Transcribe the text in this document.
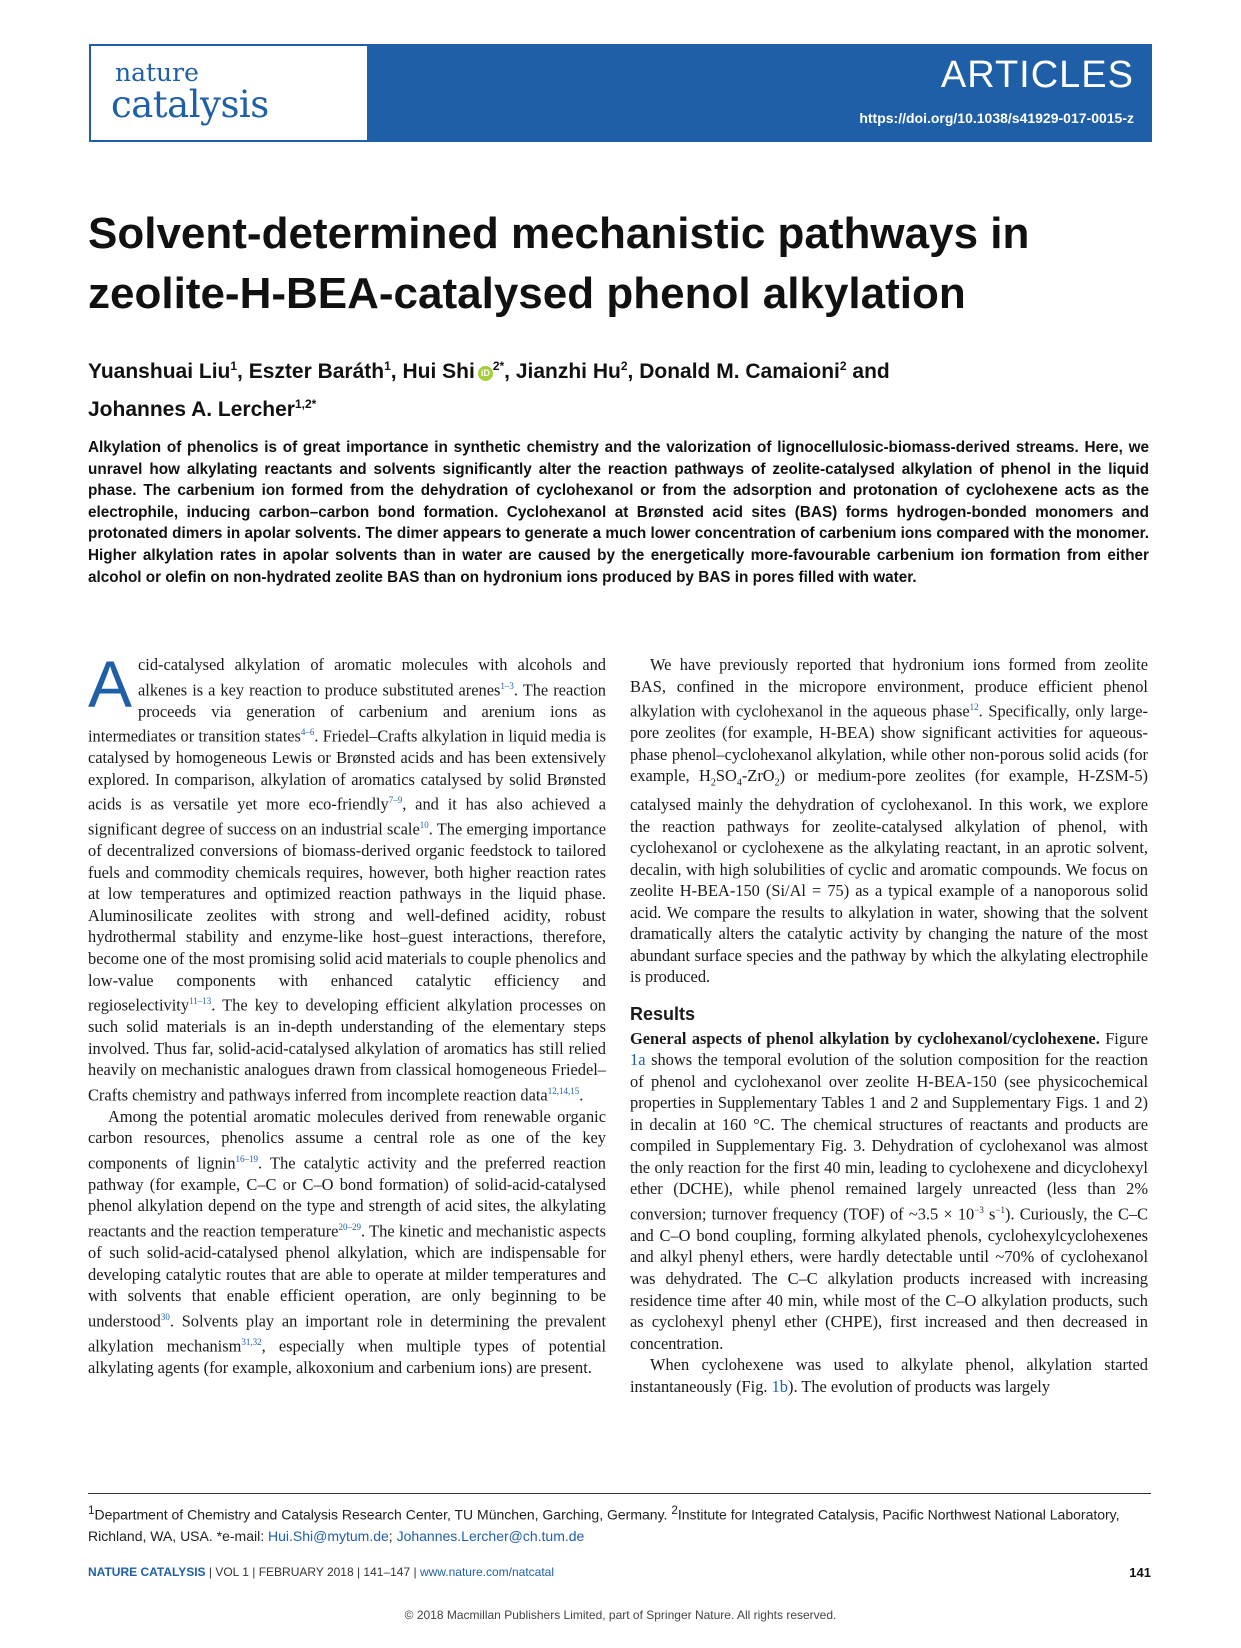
nature
catalysis
ARTICLES
https://doi.org/10.1038/s41929-017-0015-z
Solvent-determined mechanistic pathways in zeolite-H-BEA-catalysed phenol alkylation
Yuanshuai Liu$^1$, Eszter Baráth$^1$, Hui Shi iD $^{2*}$, Jianzhi Hu$^2$, Donald M. Camaioni$^2$ and
Johannes A. Lercher$^{1,2*}$
Alkylation of phenolics is of great importance in synthetic chemistry and the valorization of lignocellulosic-biomass-derived streams. Here, we unravel how alkylating reactants and solvents significantly alter the reaction pathways of zeolite-catalysed alkylation of phenol in the liquid phase. The carbenium ion formed from the dehydration of cyclohexanol or from the adsorption and protonation of cyclohexene acts as the electrophile, inducing carbon–carbon bond formation. Cyclohexanol at Brønsted acid sites (BAS) forms hydrogen-bonded monomers and protonated dimers in apolar solvents. The dimer appears to generate a much lower concentration of carbenium ions compared with the monomer. Higher alkylation rates in apolar solvents than in water are caused by the energetically more-favourable carbenium ion formation from either alcohol or olefin on non-hydrated zeolite BAS than on hydronium ions produced by BAS in pores filled with water.

Acid-catalysed alkylation of aromatic molecules with alcohols and alkenes is a key reaction to produce substituted arenes$^{1-3}$. The reaction proceeds via generation of carbenium and arenium ions as intermediates or transition states$^{4-6}$. Friedel–Crafts alkylation in liquid media is catalysed by homogeneous Lewis or Brønsted acids and has been extensively explored. In comparison, alkylation of aromatics catalysed by solid Brønsted acids is as versatile yet more eco-friendly$^{7-9}$, and it has also achieved a significant degree of success on an industrial scale$^{10}$. The emerging importance of decentralized conversions of biomass-derived organic feedstock to tailored fuels and commodity chemicals requires, however, both higher reaction rates at low temperatures and optimized reaction pathways in the liquid phase. Aluminosilicate zeolites with strong and well-defined acidity, robust hydrothermal stability and enzyme-like host–guest interactions, therefore, become one of the most promising solid acid materials to couple phenolics and low-value components with enhanced catalytic efficiency and regioselectivity$^{11-13}$. The key to developing efficient alkylation processes on such solid materials is an in-depth understanding of the elementary steps involved. Thus far, solid-acid-catalysed alkylation of aromatics has still relied heavily on mechanistic analogues drawn from classical homogeneous Friedel–Crafts chemistry and pathways inferred from incomplete reaction data$^{12,14,15}$.

Among the potential aromatic molecules derived from renewable organic carbon resources, phenolics assume a central role as one of the key components of lignin$^{16-19}$. The catalytic activity and the preferred reaction pathway (for example, C–C or C–O bond formation) of solid-acid-catalysed phenol alkylation depend on the type and strength of acid sites, the alkylating reactants and the reaction temperature$^{20-29}$. The kinetic and mechanistic aspects of such solid-acid-catalysed phenol alkylation, which are indispensable for developing catalytic routes that are able to operate at milder temperatures and with solvents that enable efficient operation, are only beginning to be understood$^{30}$. Solvents play an important role in determining the prevalent alkylation mechanism$^{31,32}$, especially when multiple types of potential alkylating agents (for example, alkoxonium and carbenium ions) are present.

We have previously reported that hydronium ions formed from zeolite BAS, confined in the micropore environment, produce efficient phenol alkylation with cyclohexanol in the aqueous phase$^{12}$. Specifically, only large-pore zeolites (for example, H-BEA) show significant activities for aqueous-phase phenol–cyclohexanol alkylation, while other non-porous solid acids (for example, $H_2SO_4-ZrO_2$) or medium-pore zeolites (for example, H-ZSM-5) catalysed mainly the dehydration of cyclohexanol. In this work, we explore the reaction pathways for zeolite-catalysed alkylation of phenol, with cyclohexanol or cyclohexene as the alkylating reactant, in an aprotic solvent, decalin, with high solubilities of cyclic and aromatic compounds. We focus on zeolite H-BEA-150 (Si/Al = 75) as a typical example of a nanoporous solid acid. We compare the results to alkylation in water, showing that the solvent dramatically alters the catalytic activity by changing the nature of the most abundant surface species and the pathway by which the alkylating electrophile is produced.

Results

General aspects of phenol alkylation by cyclohexanol/cyclohexene. Figure 1a shows the temporal evolution of the solution composition for the reaction of phenol and cyclohexanol over zeolite H-BEA-150 (see physicochemical properties in Supplementary Tables 1 and 2 and Supplementary Figs. 1 and 2) in decalin at 160 °C. The chemical structures of reactants and products are compiled in Supplementary Fig. 3. Dehydration of cyclohexanol was almost the only reaction for the first 40 min, leading to cyclohexene and dicyclohexyl ether (DCHE), while phenol remained largely unreacted (less than 2% conversion; turnover frequency (TOF) of ~3.5 × $10^{-3}$ $s^{-1}$). Curiously, the C–C and C–O bond coupling, forming alkylated phenols, cyclohexylcyclohexenes and alkyl phenyl ethers, were hardly detectable until ~70% of cyclohexanol was dehydrated. The C–C alkylation products increased with increasing residence time after 40 min, while most of the C–O alkylation products, such as cyclohexyl phenyl ether (CHPE), first increased and then decreased in concentration.

When cyclohexene was used to alkylate phenol, alkylation started instantaneously (Fig. 1b). The evolution of products was largely

$^1$Department of Chemistry and Catalysis Research Center, TU München, Garching, Germany. $^2$Institute for Integrated Catalysis, Pacific Northwest National Laboratory, Richland, WA, USA. *e-mail: Hui.Shi@mytum.de; Johannes.Lercher@ch.tum.de
NATURE CATALYSIS | VOL 1 | FEBRUARY 2018 | 141–147 | www.nature.com/natcatal	141
© 2018 Macmillan Publishers Limited, part of Springer Nature. All rights reserved.
